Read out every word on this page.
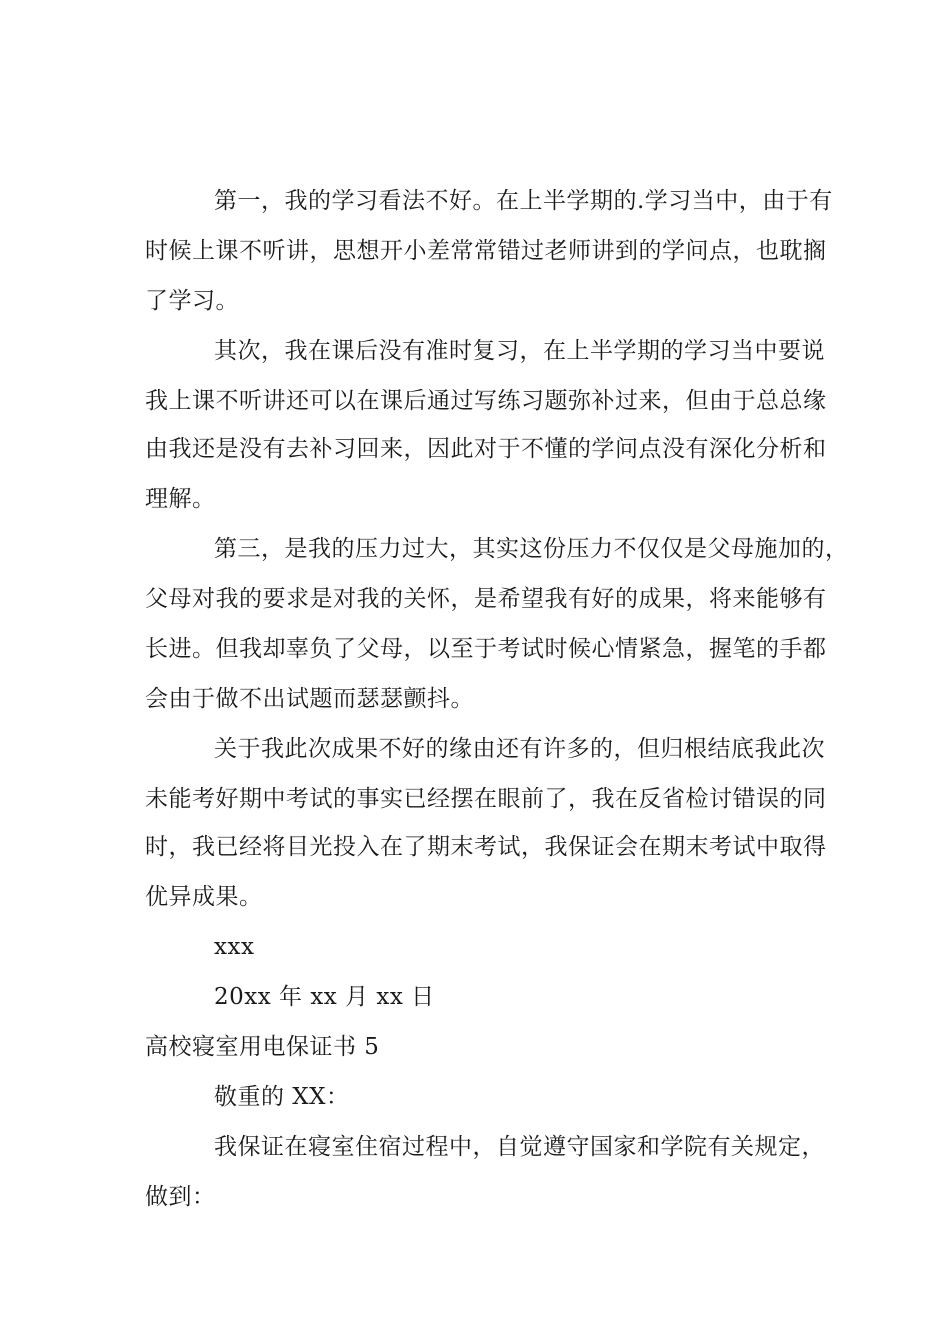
第一，我的学习看法不好。在上半学期的.学习当中，由于有
时候上课不听讲，思想开小差常常错过老师讲到的学问点，也耽搁
了学习。
其次，我在课后没有准时复习，在上半学期的学习当中要说
我上课不听讲还可以在课后通过写练习题弥补过来，但由于总总缘
由我还是没有去补习回来，因此对于不懂的学问点没有深化分析和
理解。
第三，是我的压力过大，其实这份压力不仅仅是父母施加的，
父母对我的要求是对我的关怀，是希望我有好的成果，将来能够有
长进。但我却辜负了父母，以至于考试时候心情紧急，握笔的手都
会由于做不出试题而瑟瑟颤抖。
关于我此次成果不好的缘由还有许多的，但归根结底我此次
未能考好期中考试的事实已经摆在眼前了，我在反省检讨错误的同
时，我已经将目光投入在了期末考试，我保证会在期末考试中取得
优异成果。
xxx
20xx 年 xx 月 xx 日
高校寝室用电保证书 5
敬重的 XX：
我保证在寝室住宿过程中，自觉遵守国家和学院有关规定，
做到：
